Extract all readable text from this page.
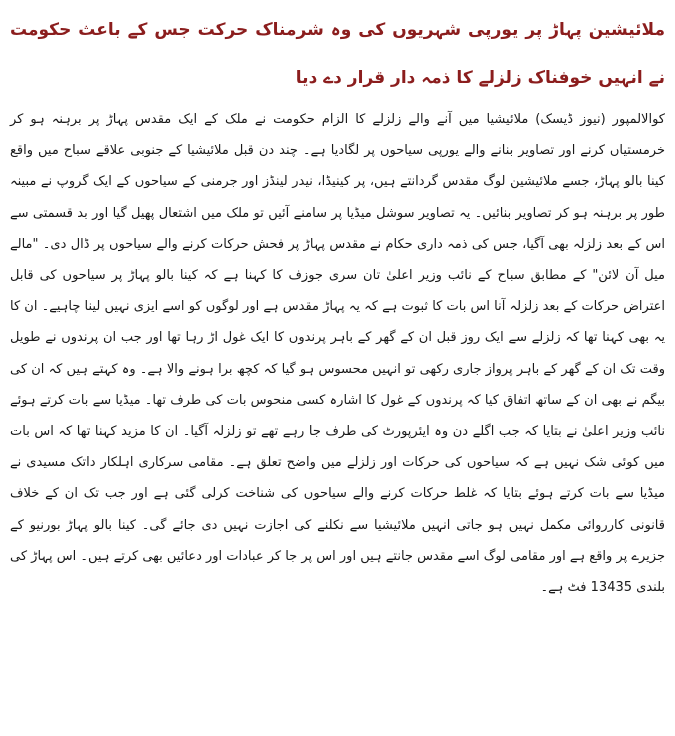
ملائیشین پہاڑ پر یورپی شہریوں کی وہ شرمناک حرکت جس کے باعث حکومت نے انہیں خوفناک زلزلے کا ذمہ دار قرار دے دیا

کوالالمپور (نیوز ڈیسک) ملائیشیا میں آنے والے زلزلے کا الزام حکومت نے ملک کے ایک مقدس پہاڑ پر برہنہ ہو کر خرمستیاں کرنے اور تصاویر بنانے والے یورپی سیاحوں پر لگادیا ہے۔ چند دن قبل ملائیشیا کے جنوبی علاقے سباح میں واقع کینا بالو پہاڑ، جسے ملائیشین لوگ مقدس گردانتے ہیں، پر کینیڈا، نیدر لینڈز اور جرمنی کے سیاحوں کے ایک گروپ نے مبینہ طور پر برہنہ ہو کر تصاویر بنائیں۔ یہ تصاویر سوشل میڈیا پر سامنے آئیں تو ملک میں اشتعال پھیل گیا اور بد قسمتی سے اس کے بعد زلزلہ بھی آگیا، جس کی ذمہ داری حکام نے مقدس پہاڑ پر فحش حرکات کرنے والے سیاحوں پر ڈال دی۔ "مالے میل آن لائن" کے مطابق سباح کے نائب وزیر اعلیٰ تان سری جوزف کا کہنا ہے کہ کینا بالو پہاڑ پر سیاحوں کی قابل اعتراض حرکات کے بعد زلزلہ آنا اس بات کا ثبوت ہے کہ یہ پہاڑ مقدس ہے اور لوگوں کو اسے ایزی نہیں لینا چاہیے۔ ان کا یہ بھی کہنا تھا کہ زلزلے سے ایک روز قبل ان کے گھر کے باہر پرندوں کا ایک غول اڑ رہا تھا اور جب ان پرندوں نے طویل وقت تک ان کے گھر کے باہر پرواز جاری رکھی تو انہیں محسوس ہو گیا کہ کچھ برا ہونے والا ہے۔ وہ کہتے ہیں کہ ان کی بیگم نے بھی ان کے ساتھ اتفاق کیا کہ پرندوں کے غول کا اشارہ کسی منحوس بات کی طرف تھا۔ میڈیا سے بات کرتے ہوئے نائب وزیر اعلیٰ نے بتایا کہ جب اگلے دن وہ ایئرپورٹ کی طرف جا رہے تھے تو زلزلہ آگیا۔ ان کا مزید کہنا تھا کہ اس بات میں کوئی شک نہیں ہے کہ سیاحوں کی حرکات اور زلزلے میں واضح تعلق ہے۔ مقامی سرکاری اہلکار داتک مسیدی نے میڈیا سے بات کرتے ہوئے بتایا کہ غلط حرکات کرنے والے سیاحوں کی شناخت کرلی گئی ہے اور جب تک ان کے خلاف قانونی کارروائی مکمل نہیں ہو جاتی انہیں ملائیشیا سے نکلنے کی اجازت نہیں دی جائے گی۔ کینا بالو پہاڑ بورنیو کے جزیرے پر واقع ہے اور مقامی لوگ اسے مقدس جانتے ہیں اور اس پر جا کر عبادات اور دعائیں بھی کرتے ہیں۔ اس پہاڑ کی بلندی 13435 فٹ ہے۔
